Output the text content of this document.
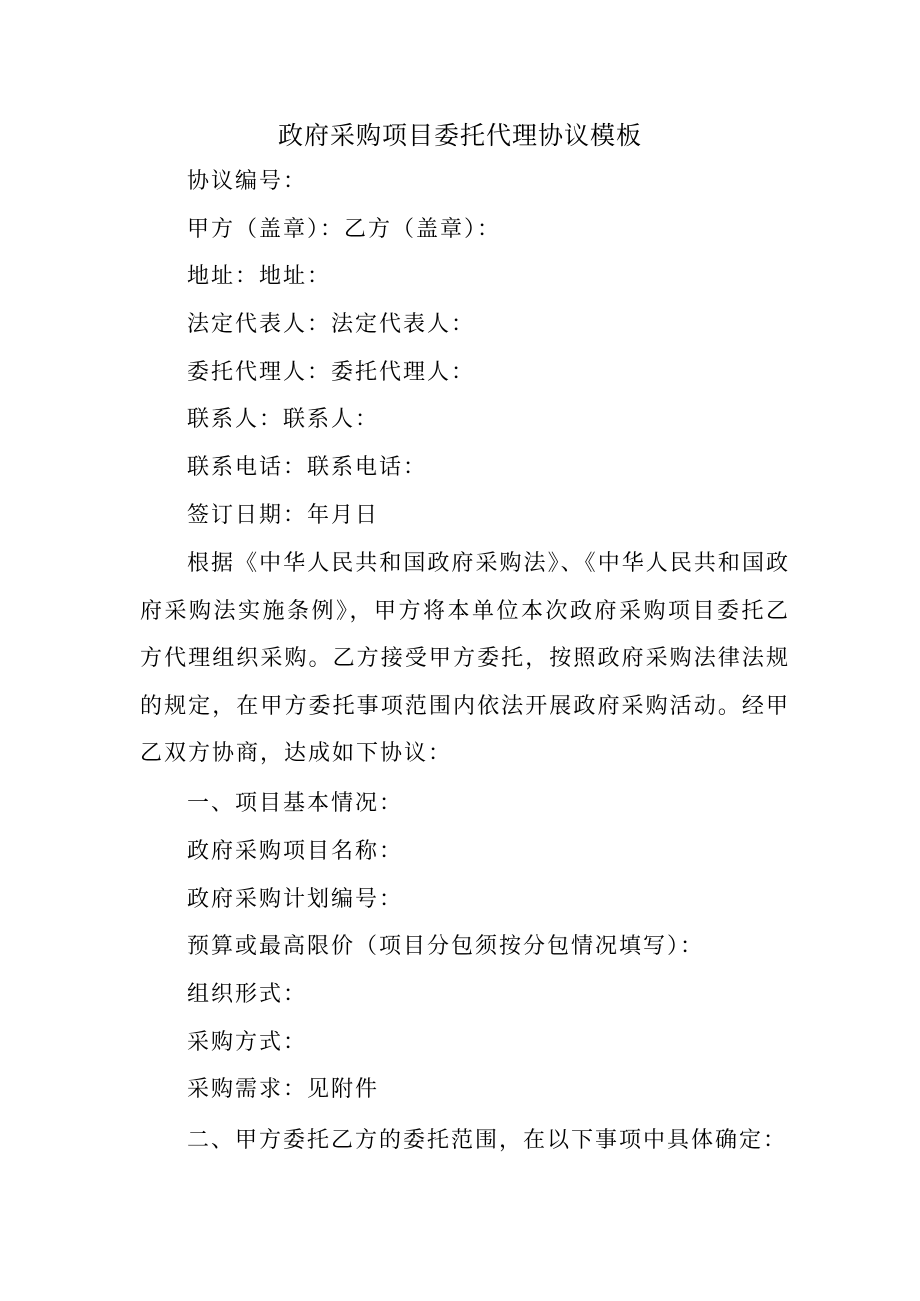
政府采购项目委托代理协议模板

协议编号：

甲方（盖章）：乙方（盖章）：

地址：地址：

法定代表人：法定代表人：

委托代理人：委托代理人：

联系人：联系人：

联系电话：联系电话：

签订日期：年月日

根据《中华人民共和国政府采购法》、《中华人民共和国政府采购法实施条例》，甲方将本单位本次政府采购项目委托乙方代理组织采购。乙方接受甲方委托，按照政府采购法律法规的规定，在甲方委托事项范围内依法开展政府采购活动。经甲乙双方协商，达成如下协议：

一、项目基本情况：

政府采购项目名称：

政府采购计划编号：

预算或最高限价（项目分包须按分包情况填写）：

组织形式：

采购方式：

采购需求：见附件

二、甲方委托乙方的委托范围，在以下事项中具体确定：
